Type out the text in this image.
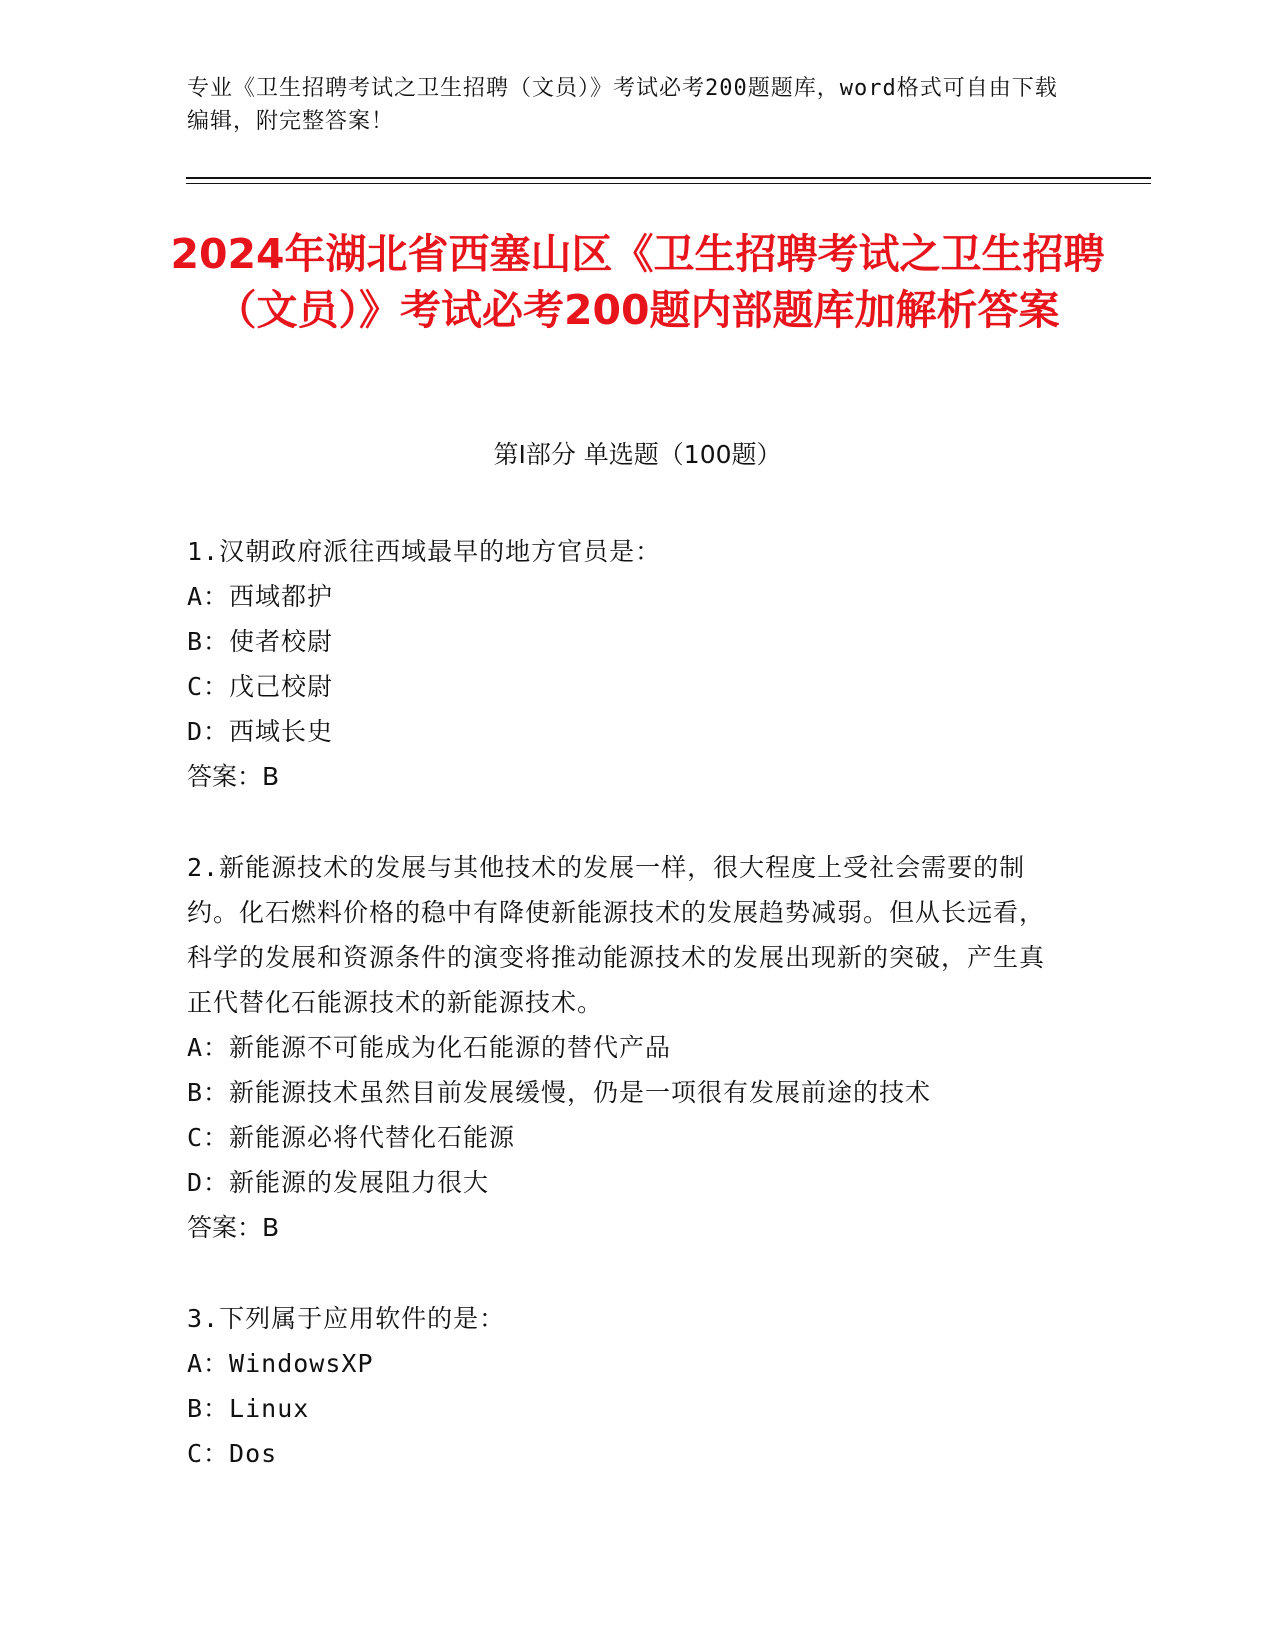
专业《卫生招聘考试之卫生招聘（文员）》考试必考200题题库，word格式可自由下载编辑，附完整答案！
2024年湖北省西塞山区《卫生招聘考试之卫生招聘（文员）》考试必考200题内部题库加解析答案
第Ⅰ部分 单选题（100题）
1.汉朝政府派往西域最早的地方官员是：
A：西域都护
B：使者校尉
C：戊己校尉
D：西域长史
答案：B
2.新能源技术的发展与其他技术的发展一样，很大程度上受社会需要的制约。化石燃料价格的稳中有降使新能源技术的发展趋势减弱。但从长远看，科学的发展和资源条件的演变将推动能源技术的发展出现新的突破，产生真正代替化石能源技术的新能源技术。
A：新能源不可能成为化石能源的替代产品
B：新能源技术虽然目前发展缓慢，仍是一项很有发展前途的技术
C：新能源必将代替化石能源
D：新能源的发展阻力很大
答案：B
3.下列属于应用软件的是：
A：WindowsXP
B：Linux
C：Dos
